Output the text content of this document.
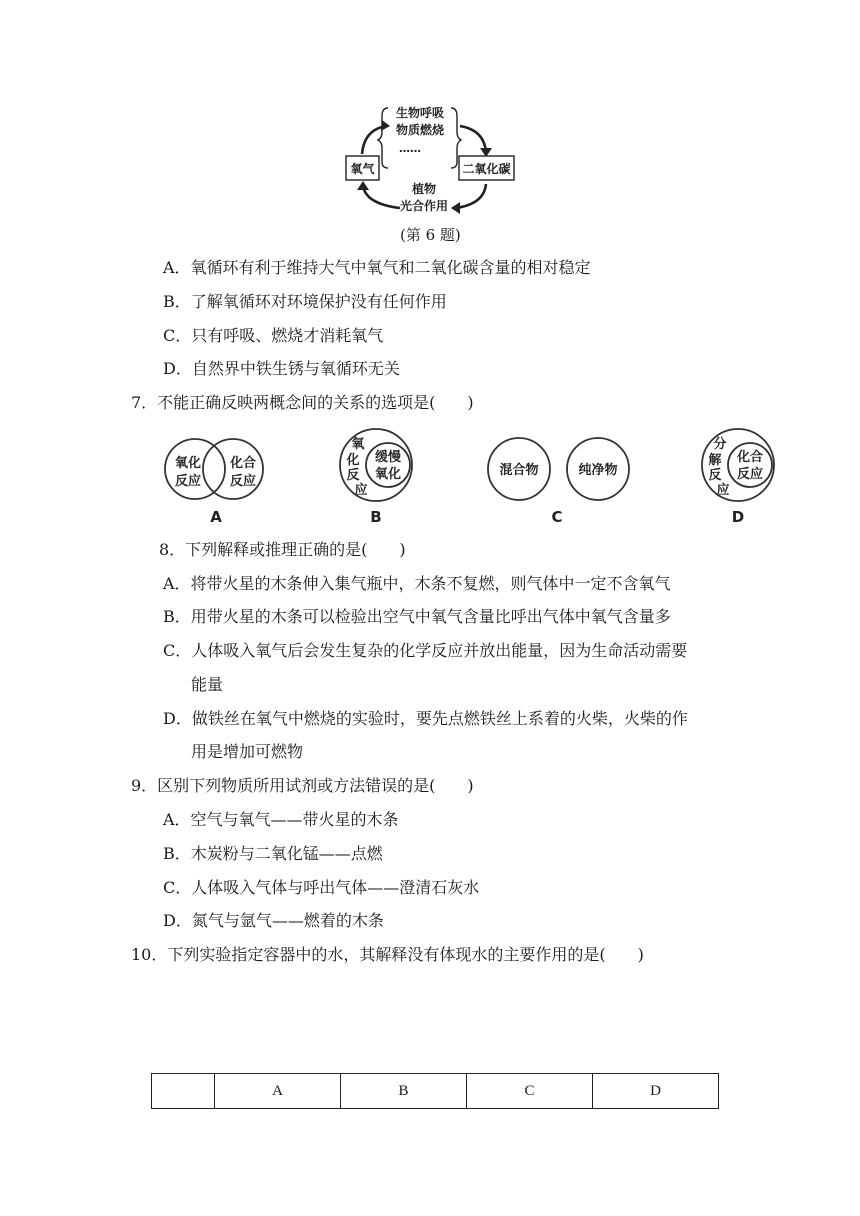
生物呼吸
物质燃烧
……
氧气	二氧化碳
植物
光合作用
(第 6 题)
A．氧循环有利于维持大气中氧气和二氧化碳含量的相对稳定
B．了解氧循环对环境保护没有任何作用
C．只有呼吸、燃烧才消耗氧气
D．自然界中铁生锈与氧循环无关
7．不能正确反映两概念间的关系的选项是(　　)
氧化
反应
化合
反应
A
氧
化
反
应
缓慢
氧化
B
混合物	纯净物
C
分
解
反
应
化合
反应
D
8．下列解释或推理正确的是(　　)
A．将带火星的木条伸入集气瓶中，木条不复燃，则气体中一定不含氧气
B．用带火星的木条可以检验出空气中氧气含量比呼出气体中氧气含量多
C．人体吸入氧气后会发生复杂的化学反应并放出能量，因为生命活动需要
能量
D．做铁丝在氧气中燃烧的实验时，要先点燃铁丝上系着的火柴，火柴的作
用是增加可燃物
9．区别下列物质所用试剂或方法错误的是(　　)
A．空气与氧气——带火星的木条
B．木炭粉与二氧化锰——点燃
C．人体吸入气体与呼出气体——澄清石灰水
D．氮气与氩气——燃着的木条
10．下列实验指定容器中的水，其解释没有体现水的主要作用的是(　　)
	A	B	C	D
